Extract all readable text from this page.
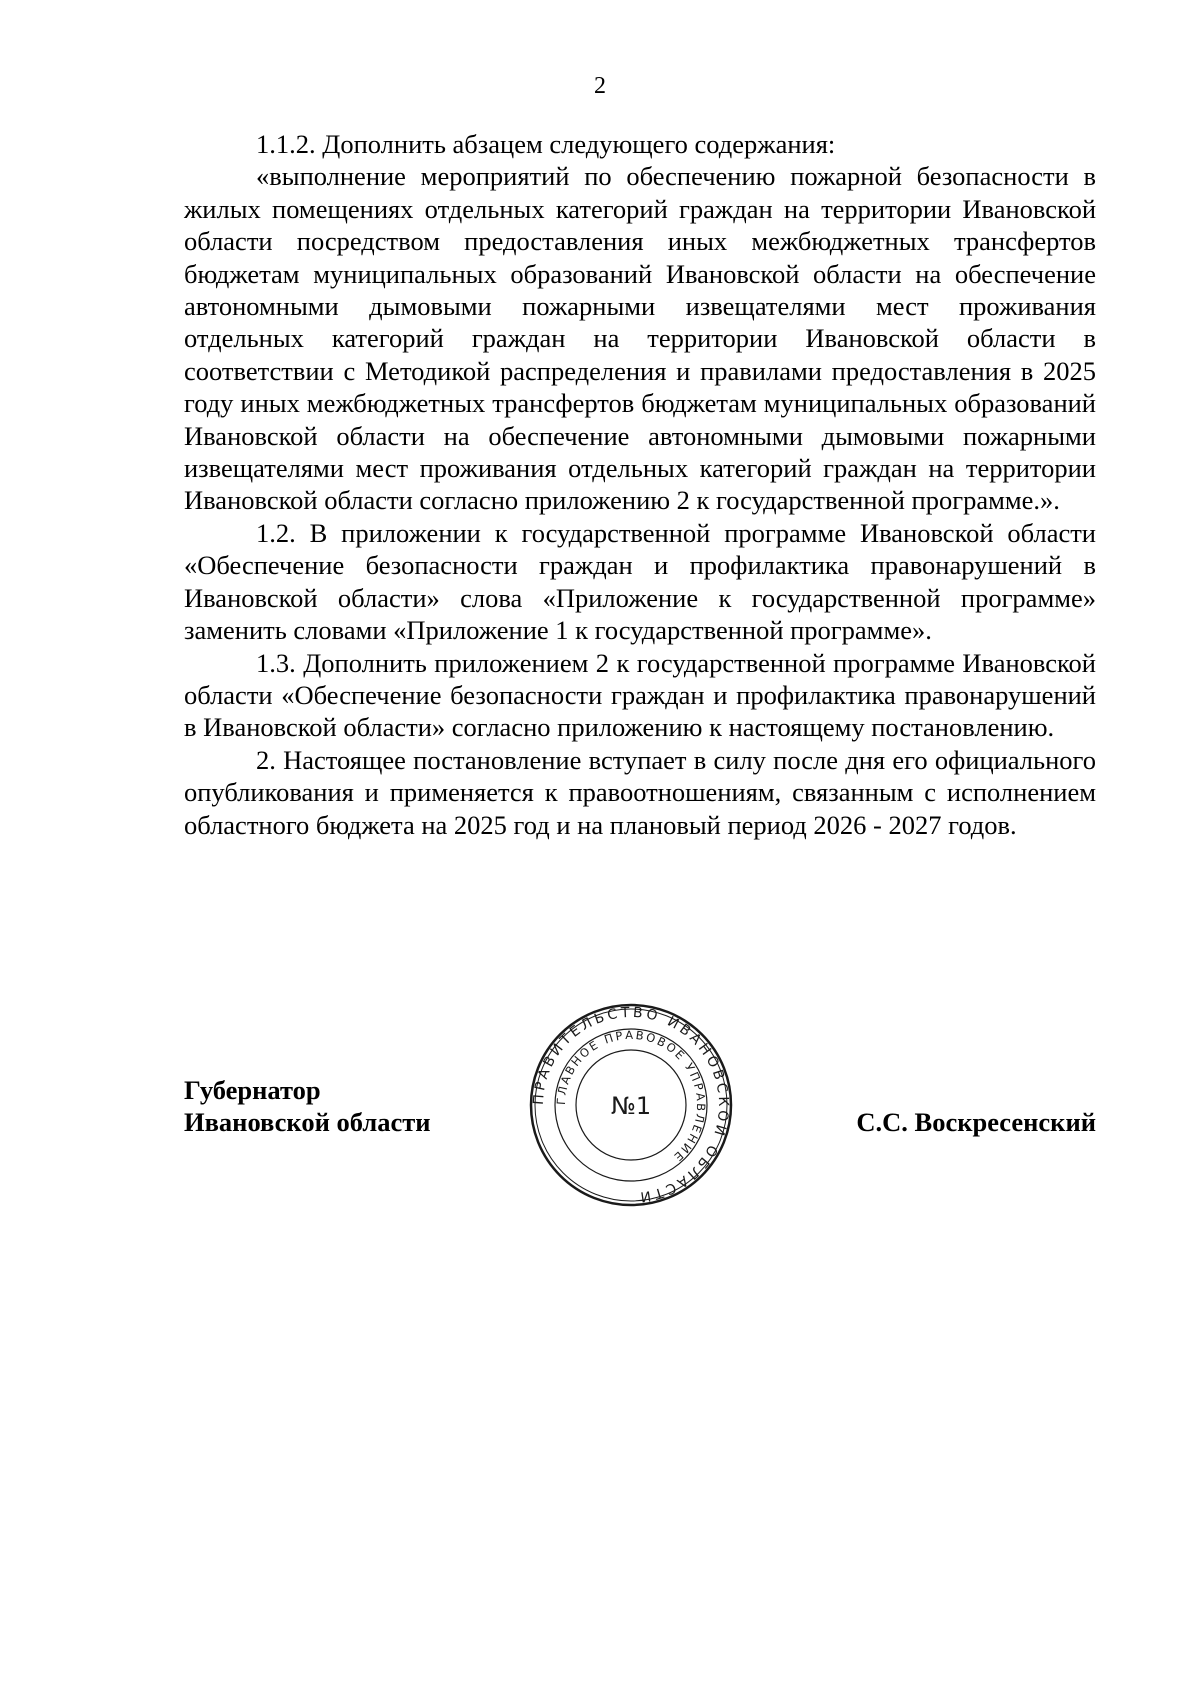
2

1.1.2. Дополнить абзацем следующего содержания:

«выполнение мероприятий по обеспечению пожарной безопасности в жилых помещениях отдельных категорий граждан на территории Ивановской области посредством предоставления иных межбюджетных трансфертов бюджетам муниципальных образований Ивановской области на обеспечение автономными дымовыми пожарными извещателями мест проживания отдельных категорий граждан на территории Ивановской области в соответствии с Методикой распределения и правилами предоставления в 2025 году иных межбюджетных трансфертов бюджетам муниципальных образований Ивановской области на обеспечение автономными дымовыми пожарными извещателями мест проживания отдельных категорий граждан на территории Ивановской области согласно приложению 2 к государственной программе.».

1.2. В приложении к государственной программе Ивановской области «Обеспечение безопасности граждан и профилактика правонарушений в Ивановской области» слова «Приложение к государственной программе» заменить словами «Приложение 1 к государственной программе».

1.3. Дополнить приложением 2 к государственной программе Ивановской области «Обеспечение безопасности граждан и профилактика правонарушений в Ивановской области» согласно приложению к настоящему постановлению.

2. Настоящее постановление вступает в силу после дня его официального опубликования и применяется к правоотношениям, связанным с исполнением областного бюджета на 2025 год и на плановый период 2026 - 2027 годов.

Губернатор
Ивановской области	С.С. Воскресенский
ПРАВИТЕЛЬСТВО ИВАНОВСКОЙ ОБЛАСТИ
ГЛАВНОЕ ПРАВОВОЕ УПРАВЛЕНИЕ
№1
